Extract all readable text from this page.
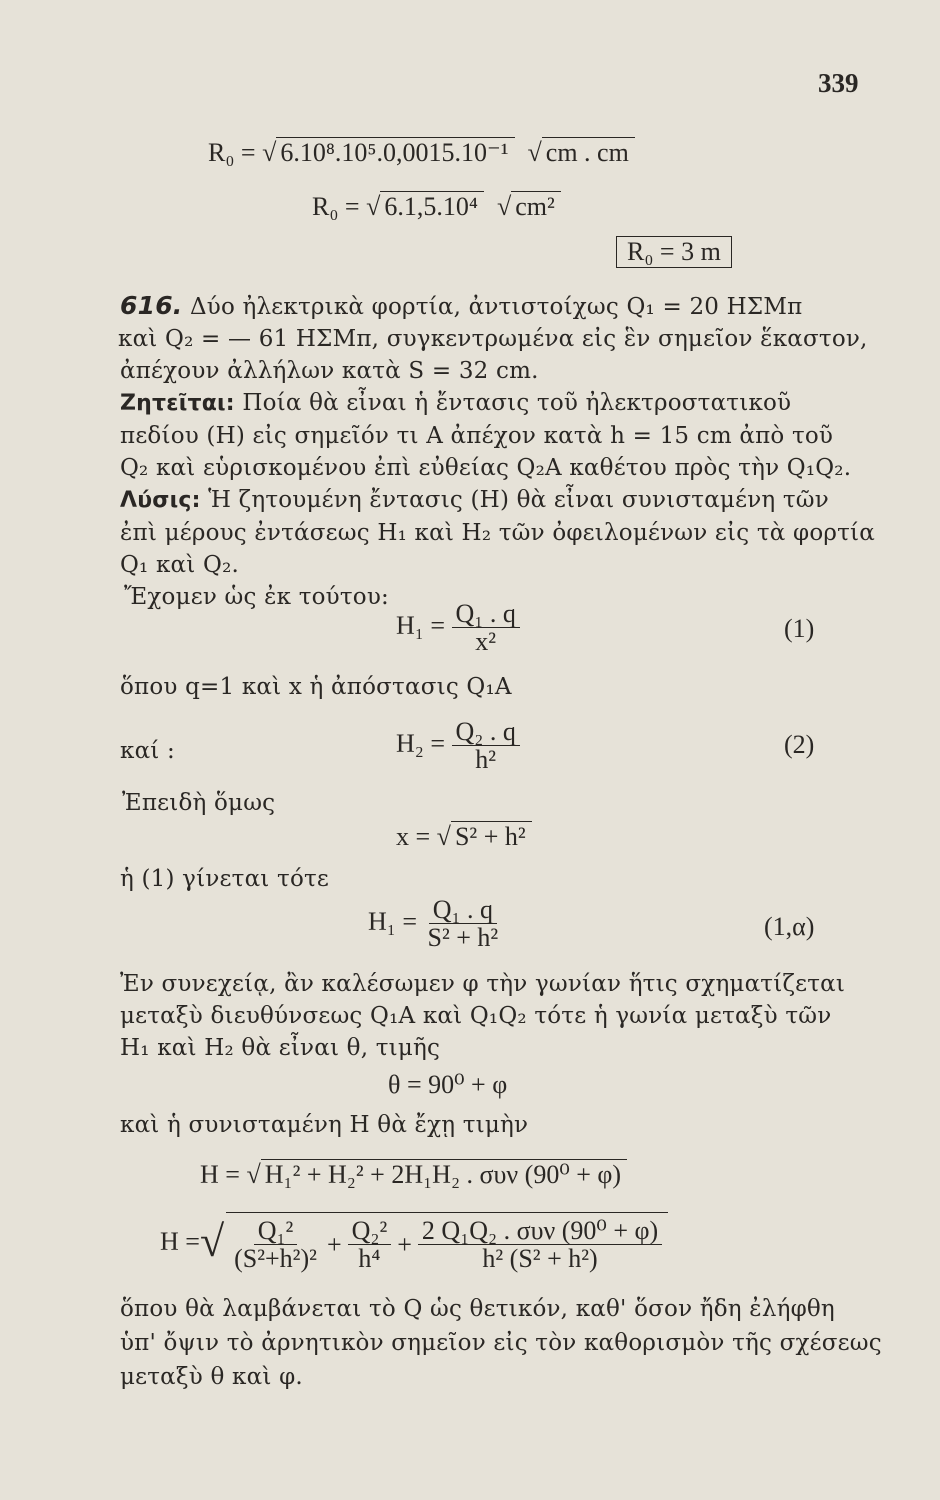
339
R₀ = √ 6.10⁸.10⁵.0,0015.10⁻¹ √ cm . cm
R₀ = √ 6.1,5.10⁴ √ cm²
R₀ = 3 m
616. Δύο ἠλεκτρικὰ φορτία, ἀντιστοίχως Q₁ = 20 ΗΣΜπ
καὶ Q₂ = — 61 ΗΣΜπ, συγκεντρωμένα εἰς ἓν σημεῖον ἕκαστον,
ἀπέχουν ἀλλήλων κατὰ S = 32 cm.
Ζητεῖται: Ποία θὰ εἶναι ἡ ἔντασις τοῦ ἠλεκτροστατικοῦ
πεδίου (Η) εἰς σημεῖόν τι Α ἀπέχον κατὰ h = 15 cm ἀπὸ τοῦ
Q₂ καὶ εὑρισκομένου ἐπὶ εὐθείας Q₂Α καθέτου πρὸς τὴν Q₁Q₂.
Λύσις: Ἡ ζητουμένη ἔντασις (Η) θὰ εἶναι συνισταμένη τῶν
ἐπὶ μέρους ἐντάσεως Η₁ καὶ Η₂ τῶν ὀφειλομένων εἰς τὰ φορτία
Q₁ καὶ Q₂.
Ἔχομεν ὡς ἐκ τούτου:
$H_1 = \frac{\text{Q₁ . q}}{\text{x²}}$	(1)
ὅπου q=1 καὶ x ἡ ἀπόστασις Q₁Α
καί :	$H_2 = \frac{\text{Q₂ . q}}{\text{h²}}$	(2)
Ἐπειδὴ ὅμως
x = √ S² + h²
ἡ (1) γίνεται τότε
$H_1 = \frac{\text{Q₁ . q}}{\text{S² + h²}}$	(1,α)
Ἐν συνεχείᾳ, ἂν καλέσωμεν φ τὴν γωνίαν ἥτις σχηματίζεται
μεταξὺ διευθύνσεως Q₁Α καὶ Q₁Q₂ τότε ἡ γωνία μεταξὺ τῶν
Η₁ καὶ Η₂ θὰ εἶναι θ, τιμῆς
θ = 90⁰ + φ
καὶ ἡ συνισταμένη Η θὰ ἔχῃ τιμὴν
Η = √ Η₁² + Η₂² + 2Η₁Η₂ . συν (90⁰ + φ)
Η = √ $\frac{\text{Q₁²}}{\text{(S²+h²)²}} + \frac{\text{Q₂²}}{\text{h⁴}} + \frac{\text{2 Q₁Q₂ . συν (90⁰ + φ)}}{\text{h² (S² + h²)}}$
ὅπου θὰ λαμβάνεται τὸ Q ὡς θετικόν, καθ' ὅσον ἤδη ἐλήφθη
ὑπ' ὄψιν τὸ ἀρνητικὸν σημεῖον εἰς τὸν καθορισμὸν τῆς σχέσεως
μεταξὺ θ καὶ φ.
